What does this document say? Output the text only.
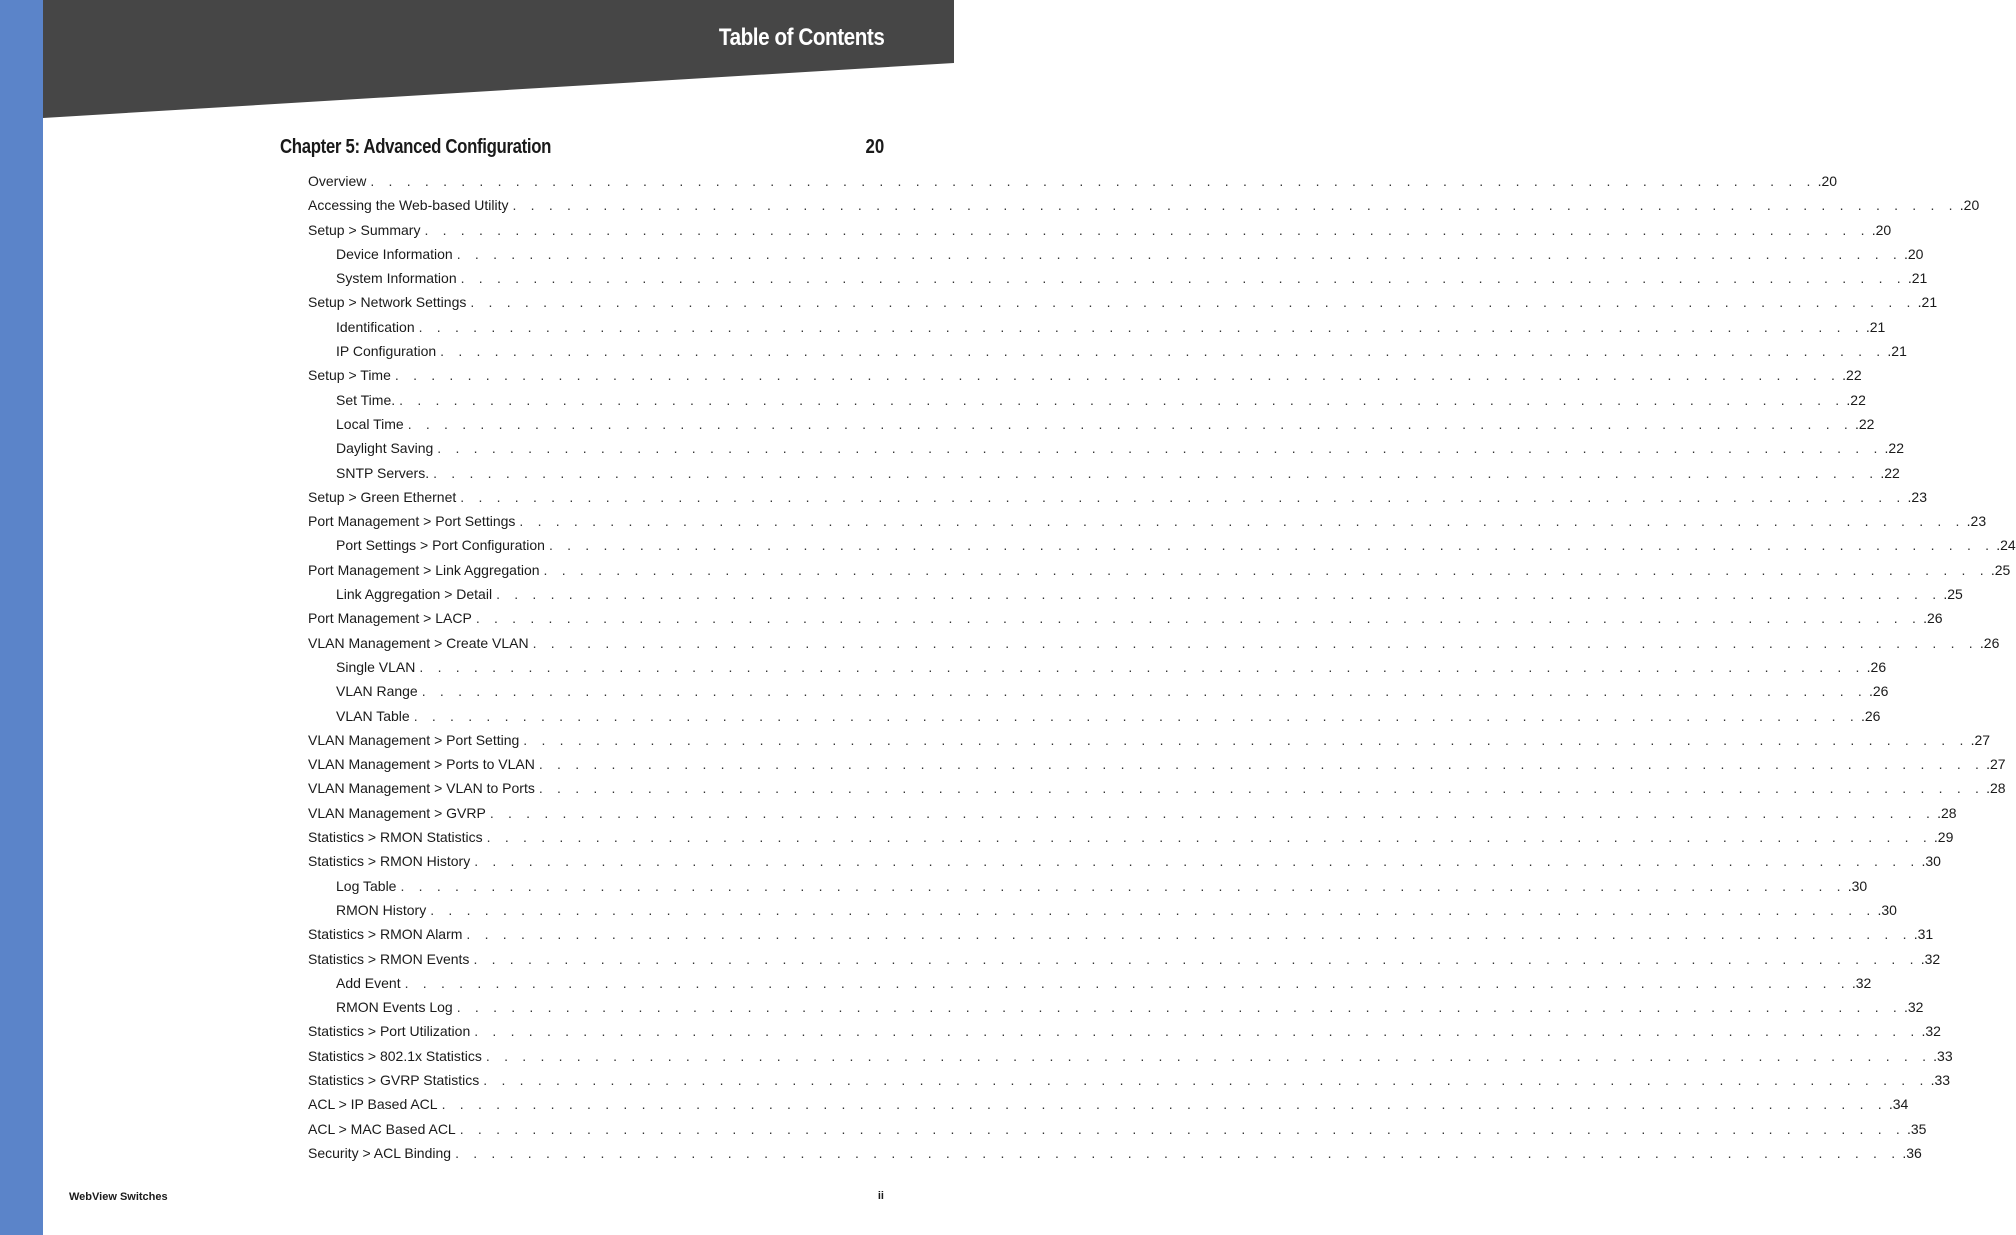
Table of Contents
Chapter 5: Advanced Configuration	20
Overview . . . . . . . . . . . . . . . . . . . . . . . . . . . . . . . . . . . . . . . . . . . . . . . . . . . . . . . . . . . . . . . . . . . . . . . . . . . . . . . . .20
Accessing the Web-based Utility . . . . . . . . . . . . . . . . . . . . . . . . . . . . . . . . . . . . . . . . . . . . . . . . . . . . . . . . . . . . . . . . . . . . . . . . . . . . . . . . .20
Setup > Summary . . . . . . . . . . . . . . . . . . . . . . . . . . . . . . . . . . . . . . . . . . . . . . . . . . . . . . . . . . . . . . . . . . . . . . . . . . . . . . . . .20
Device Information . . . . . . . . . . . . . . . . . . . . . . . . . . . . . . . . . . . . . . . . . . . . . . . . . . . . . . . . . . . . . . . . . . . . . . . . . . . . . . . . .20
System Information . . . . . . . . . . . . . . . . . . . . . . . . . . . . . . . . . . . . . . . . . . . . . . . . . . . . . . . . . . . . . . . . . . . . . . . . . . . . . . . . .21
Setup > Network Settings . . . . . . . . . . . . . . . . . . . . . . . . . . . . . . . . . . . . . . . . . . . . . . . . . . . . . . . . . . . . . . . . . . . . . . . . . . . . . . . . .21
Identification . . . . . . . . . . . . . . . . . . . . . . . . . . . . . . . . . . . . . . . . . . . . . . . . . . . . . . . . . . . . . . . . . . . . . . . . . . . . . . . . .21
IP Configuration . . . . . . . . . . . . . . . . . . . . . . . . . . . . . . . . . . . . . . . . . . . . . . . . . . . . . . . . . . . . . . . . . . . . . . . . . . . . . . . . .21
Setup > Time . . . . . . . . . . . . . . . . . . . . . . . . . . . . . . . . . . . . . . . . . . . . . . . . . . . . . . . . . . . . . . . . . . . . . . . . . . . . . . . . .22
Set Time. . . . . . . . . . . . . . . . . . . . . . . . . . . . . . . . . . . . . . . . . . . . . . . . . . . . . . . . . . . . . . . . . . . . . . . . . . . . . . . . . .22
Local Time . . . . . . . . . . . . . . . . . . . . . . . . . . . . . . . . . . . . . . . . . . . . . . . . . . . . . . . . . . . . . . . . . . . . . . . . . . . . . . . . .22
Daylight Saving . . . . . . . . . . . . . . . . . . . . . . . . . . . . . . . . . . . . . . . . . . . . . . . . . . . . . . . . . . . . . . . . . . . . . . . . . . . . . . . . .22
SNTP Servers. . . . . . . . . . . . . . . . . . . . . . . . . . . . . . . . . . . . . . . . . . . . . . . . . . . . . . . . . . . . . . . . . . . . . . . . . . . . . . . . . .22
Setup > Green Ethernet . . . . . . . . . . . . . . . . . . . . . . . . . . . . . . . . . . . . . . . . . . . . . . . . . . . . . . . . . . . . . . . . . . . . . . . . . . . . . . . . .23
Port Management > Port Settings . . . . . . . . . . . . . . . . . . . . . . . . . . . . . . . . . . . . . . . . . . . . . . . . . . . . . . . . . . . . . . . . . . . . . . . . . . . . . . . . .23
Port Settings > Port Configuration . . . . . . . . . . . . . . . . . . . . . . . . . . . . . . . . . . . . . . . . . . . . . . . . . . . . . . . . . . . . . . . . . . . . . . . . . . . . . . . . .24
Port Management > Link Aggregation . . . . . . . . . . . . . . . . . . . . . . . . . . . . . . . . . . . . . . . . . . . . . . . . . . . . . . . . . . . . . . . . . . . . . . . . . . . . . . . . .25
Link Aggregation > Detail . . . . . . . . . . . . . . . . . . . . . . . . . . . . . . . . . . . . . . . . . . . . . . . . . . . . . . . . . . . . . . . . . . . . . . . . . . . . . . . . .25
Port Management > LACP . . . . . . . . . . . . . . . . . . . . . . . . . . . . . . . . . . . . . . . . . . . . . . . . . . . . . . . . . . . . . . . . . . . . . . . . . . . . . . . . .26
VLAN Management > Create VLAN . . . . . . . . . . . . . . . . . . . . . . . . . . . . . . . . . . . . . . . . . . . . . . . . . . . . . . . . . . . . . . . . . . . . . . . . . . . . . . . . .26
Single VLAN . . . . . . . . . . . . . . . . . . . . . . . . . . . . . . . . . . . . . . . . . . . . . . . . . . . . . . . . . . . . . . . . . . . . . . . . . . . . . . . . .26
VLAN Range . . . . . . . . . . . . . . . . . . . . . . . . . . . . . . . . . . . . . . . . . . . . . . . . . . . . . . . . . . . . . . . . . . . . . . . . . . . . . . . . .26
VLAN Table . . . . . . . . . . . . . . . . . . . . . . . . . . . . . . . . . . . . . . . . . . . . . . . . . . . . . . . . . . . . . . . . . . . . . . . . . . . . . . . . .26
VLAN Management > Port Setting . . . . . . . . . . . . . . . . . . . . . . . . . . . . . . . . . . . . . . . . . . . . . . . . . . . . . . . . . . . . . . . . . . . . . . . . . . . . . . . . .27
VLAN Management > Ports to VLAN . . . . . . . . . . . . . . . . . . . . . . . . . . . . . . . . . . . . . . . . . . . . . . . . . . . . . . . . . . . . . . . . . . . . . . . . . . . . . . . . .27
VLAN Management > VLAN to Ports . . . . . . . . . . . . . . . . . . . . . . . . . . . . . . . . . . . . . . . . . . . . . . . . . . . . . . . . . . . . . . . . . . . . . . . . . . . . . . . . .28
VLAN Management > GVRP . . . . . . . . . . . . . . . . . . . . . . . . . . . . . . . . . . . . . . . . . . . . . . . . . . . . . . . . . . . . . . . . . . . . . . . . . . . . . . . . .28
Statistics > RMON Statistics . . . . . . . . . . . . . . . . . . . . . . . . . . . . . . . . . . . . . . . . . . . . . . . . . . . . . . . . . . . . . . . . . . . . . . . . . . . . . . . . .29
Statistics > RMON History . . . . . . . . . . . . . . . . . . . . . . . . . . . . . . . . . . . . . . . . . . . . . . . . . . . . . . . . . . . . . . . . . . . . . . . . . . . . . . . . .30
Log Table . . . . . . . . . . . . . . . . . . . . . . . . . . . . . . . . . . . . . . . . . . . . . . . . . . . . . . . . . . . . . . . . . . . . . . . . . . . . . . . . .30
RMON History . . . . . . . . . . . . . . . . . . . . . . . . . . . . . . . . . . . . . . . . . . . . . . . . . . . . . . . . . . . . . . . . . . . . . . . . . . . . . . . . .30
Statistics > RMON Alarm . . . . . . . . . . . . . . . . . . . . . . . . . . . . . . . . . . . . . . . . . . . . . . . . . . . . . . . . . . . . . . . . . . . . . . . . . . . . . . . . .31
Statistics > RMON Events . . . . . . . . . . . . . . . . . . . . . . . . . . . . . . . . . . . . . . . . . . . . . . . . . . . . . . . . . . . . . . . . . . . . . . . . . . . . . . . . .32
Add Event . . . . . . . . . . . . . . . . . . . . . . . . . . . . . . . . . . . . . . . . . . . . . . . . . . . . . . . . . . . . . . . . . . . . . . . . . . . . . . . . .32
RMON Events Log . . . . . . . . . . . . . . . . . . . . . . . . . . . . . . . . . . . . . . . . . . . . . . . . . . . . . . . . . . . . . . . . . . . . . . . . . . . . . . . . .32
Statistics > Port Utilization . . . . . . . . . . . . . . . . . . . . . . . . . . . . . . . . . . . . . . . . . . . . . . . . . . . . . . . . . . . . . . . . . . . . . . . . . . . . . . . . .32
Statistics > 802.1x Statistics . . . . . . . . . . . . . . . . . . . . . . . . . . . . . . . . . . . . . . . . . . . . . . . . . . . . . . . . . . . . . . . . . . . . . . . . . . . . . . . . .33
Statistics > GVRP Statistics . . . . . . . . . . . . . . . . . . . . . . . . . . . . . . . . . . . . . . . . . . . . . . . . . . . . . . . . . . . . . . . . . . . . . . . . . . . . . . . . .33
ACL > IP Based ACL . . . . . . . . . . . . . . . . . . . . . . . . . . . . . . . . . . . . . . . . . . . . . . . . . . . . . . . . . . . . . . . . . . . . . . . . . . . . . . . . .34
ACL > MAC Based ACL . . . . . . . . . . . . . . . . . . . . . . . . . . . . . . . . . . . . . . . . . . . . . . . . . . . . . . . . . . . . . . . . . . . . . . . . . . . . . . . . .35
Security > ACL Binding . . . . . . . . . . . . . . . . . . . . . . . . . . . . . . . . . . . . . . . . . . . . . . . . . . . . . . . . . . . . . . . . . . . . . . . . . . . . . . . . .36
WebView Switches	ii
